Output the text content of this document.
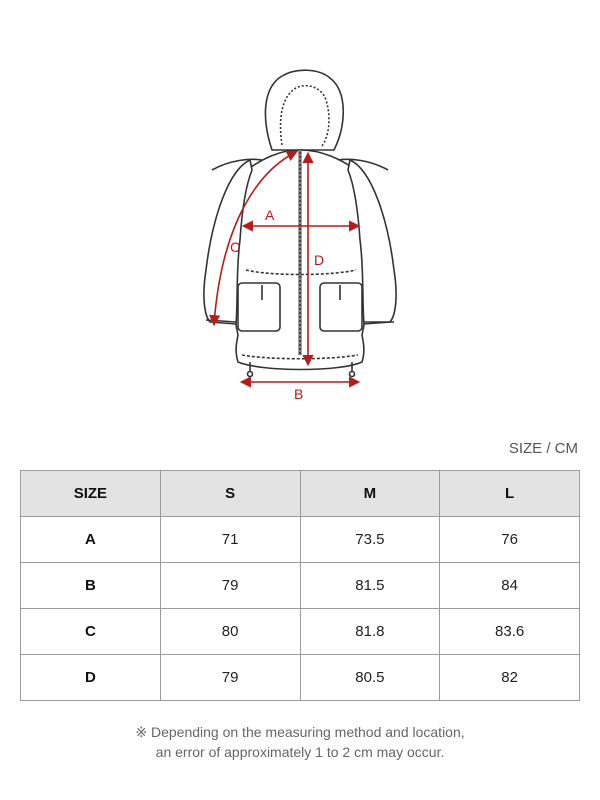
A
B
C
D
SIZE / CM
SIZE	S	M	L
A	71	73.5	76
B	79	81.5	84
C	80	81.8	83.6
D	79	80.5	82
※ Depending on the measuring method and location,
an error of approximately 1 to 2 cm may occur.
